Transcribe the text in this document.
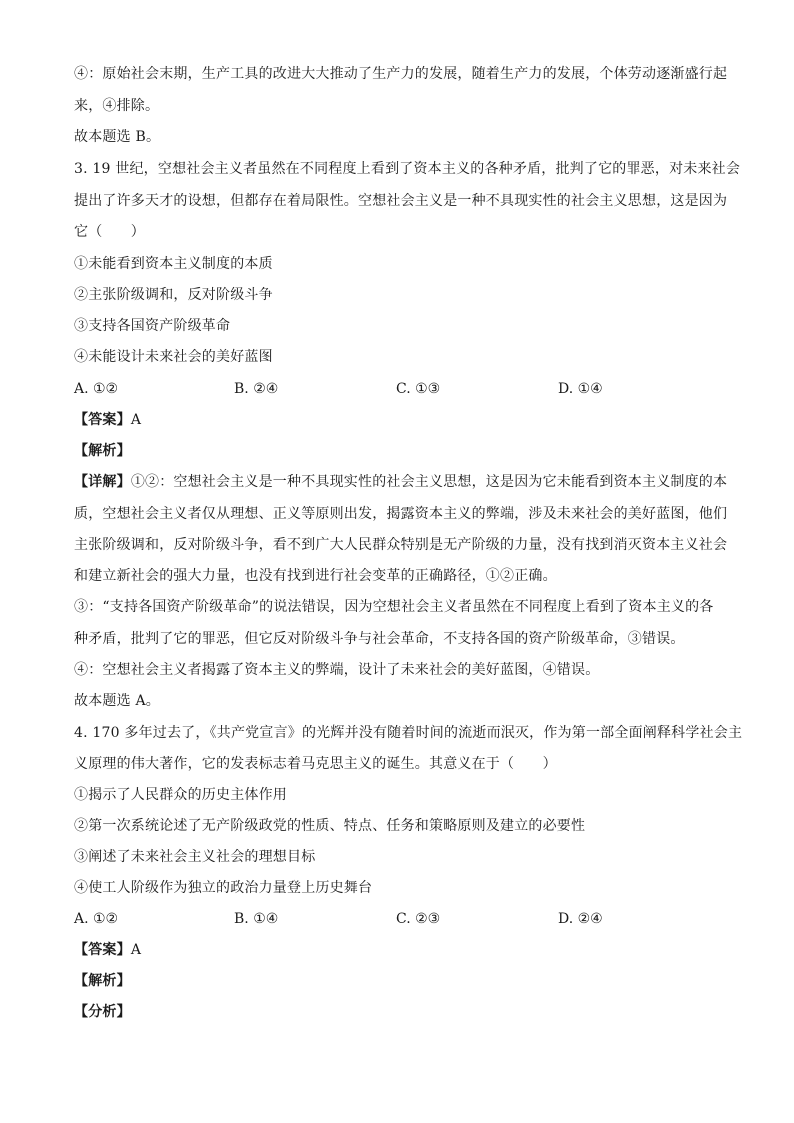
④：原始社会末期，生产工具的改进大大推动了生产力的发展，随着生产力的发展，个体劳动逐渐盛行起
来，④排除。
故本题选 B。
3. 19 世纪，空想社会主义者虽然在不同程度上看到了资本主义的各种矛盾，批判了它的罪恶，对未来社会
提出了许多天才的设想，但都存在着局限性。空想社会主义是一种不具现实性的社会主义思想，这是因为
它（　　）
①未能看到资本主义制度的本质
②主张阶级调和，反对阶级斗争
③支持各国资产阶级革命
④未能设计未来社会的美好蓝图
A. ①②	B. ②④	C. ①③	D. ①④
【答案】A
【解析】
【详解】①②：空想社会主义是一种不具现实性的社会主义思想，这是因为它未能看到资本主义制度的本
质，空想社会主义者仅从理想、正义等原则出发，揭露资本主义的弊端，涉及未来社会的美好蓝图，他们
主张阶级调和，反对阶级斗争，看不到广大人民群众特别是无产阶级的力量，没有找到消灭资本主义社会
和建立新社会的强大力量，也没有找到进行社会变革的正确路径，①②正确。
③：“支持各国资产阶级革命”的说法错误，因为空想社会主义者虽然在不同程度上看到了资本主义的各
种矛盾，批判了它的罪恶，但它反对阶级斗争与社会革命，不支持各国的资产阶级革命，③错误。
④：空想社会主义者揭露了资本主义的弊端，设计了未来社会的美好蓝图，④错误。
故本题选 A。
4. 170 多年过去了，《共产党宣言》的光辉并没有随着时间的流逝而泯灭，作为第一部全面阐释科学社会主
义原理的伟大著作，它的发表标志着马克思主义的诞生。其意义在于（　　）
①揭示了人民群众的历史主体作用
②第一次系统论述了无产阶级政党的性质、特点、任务和策略原则及建立的必要性
③阐述了未来社会主义社会的理想目标
④使工人阶级作为独立的政治力量登上历史舞台
A. ①②	B. ①④	C. ②③	D. ②④
【答案】A
【解析】
【分析】
